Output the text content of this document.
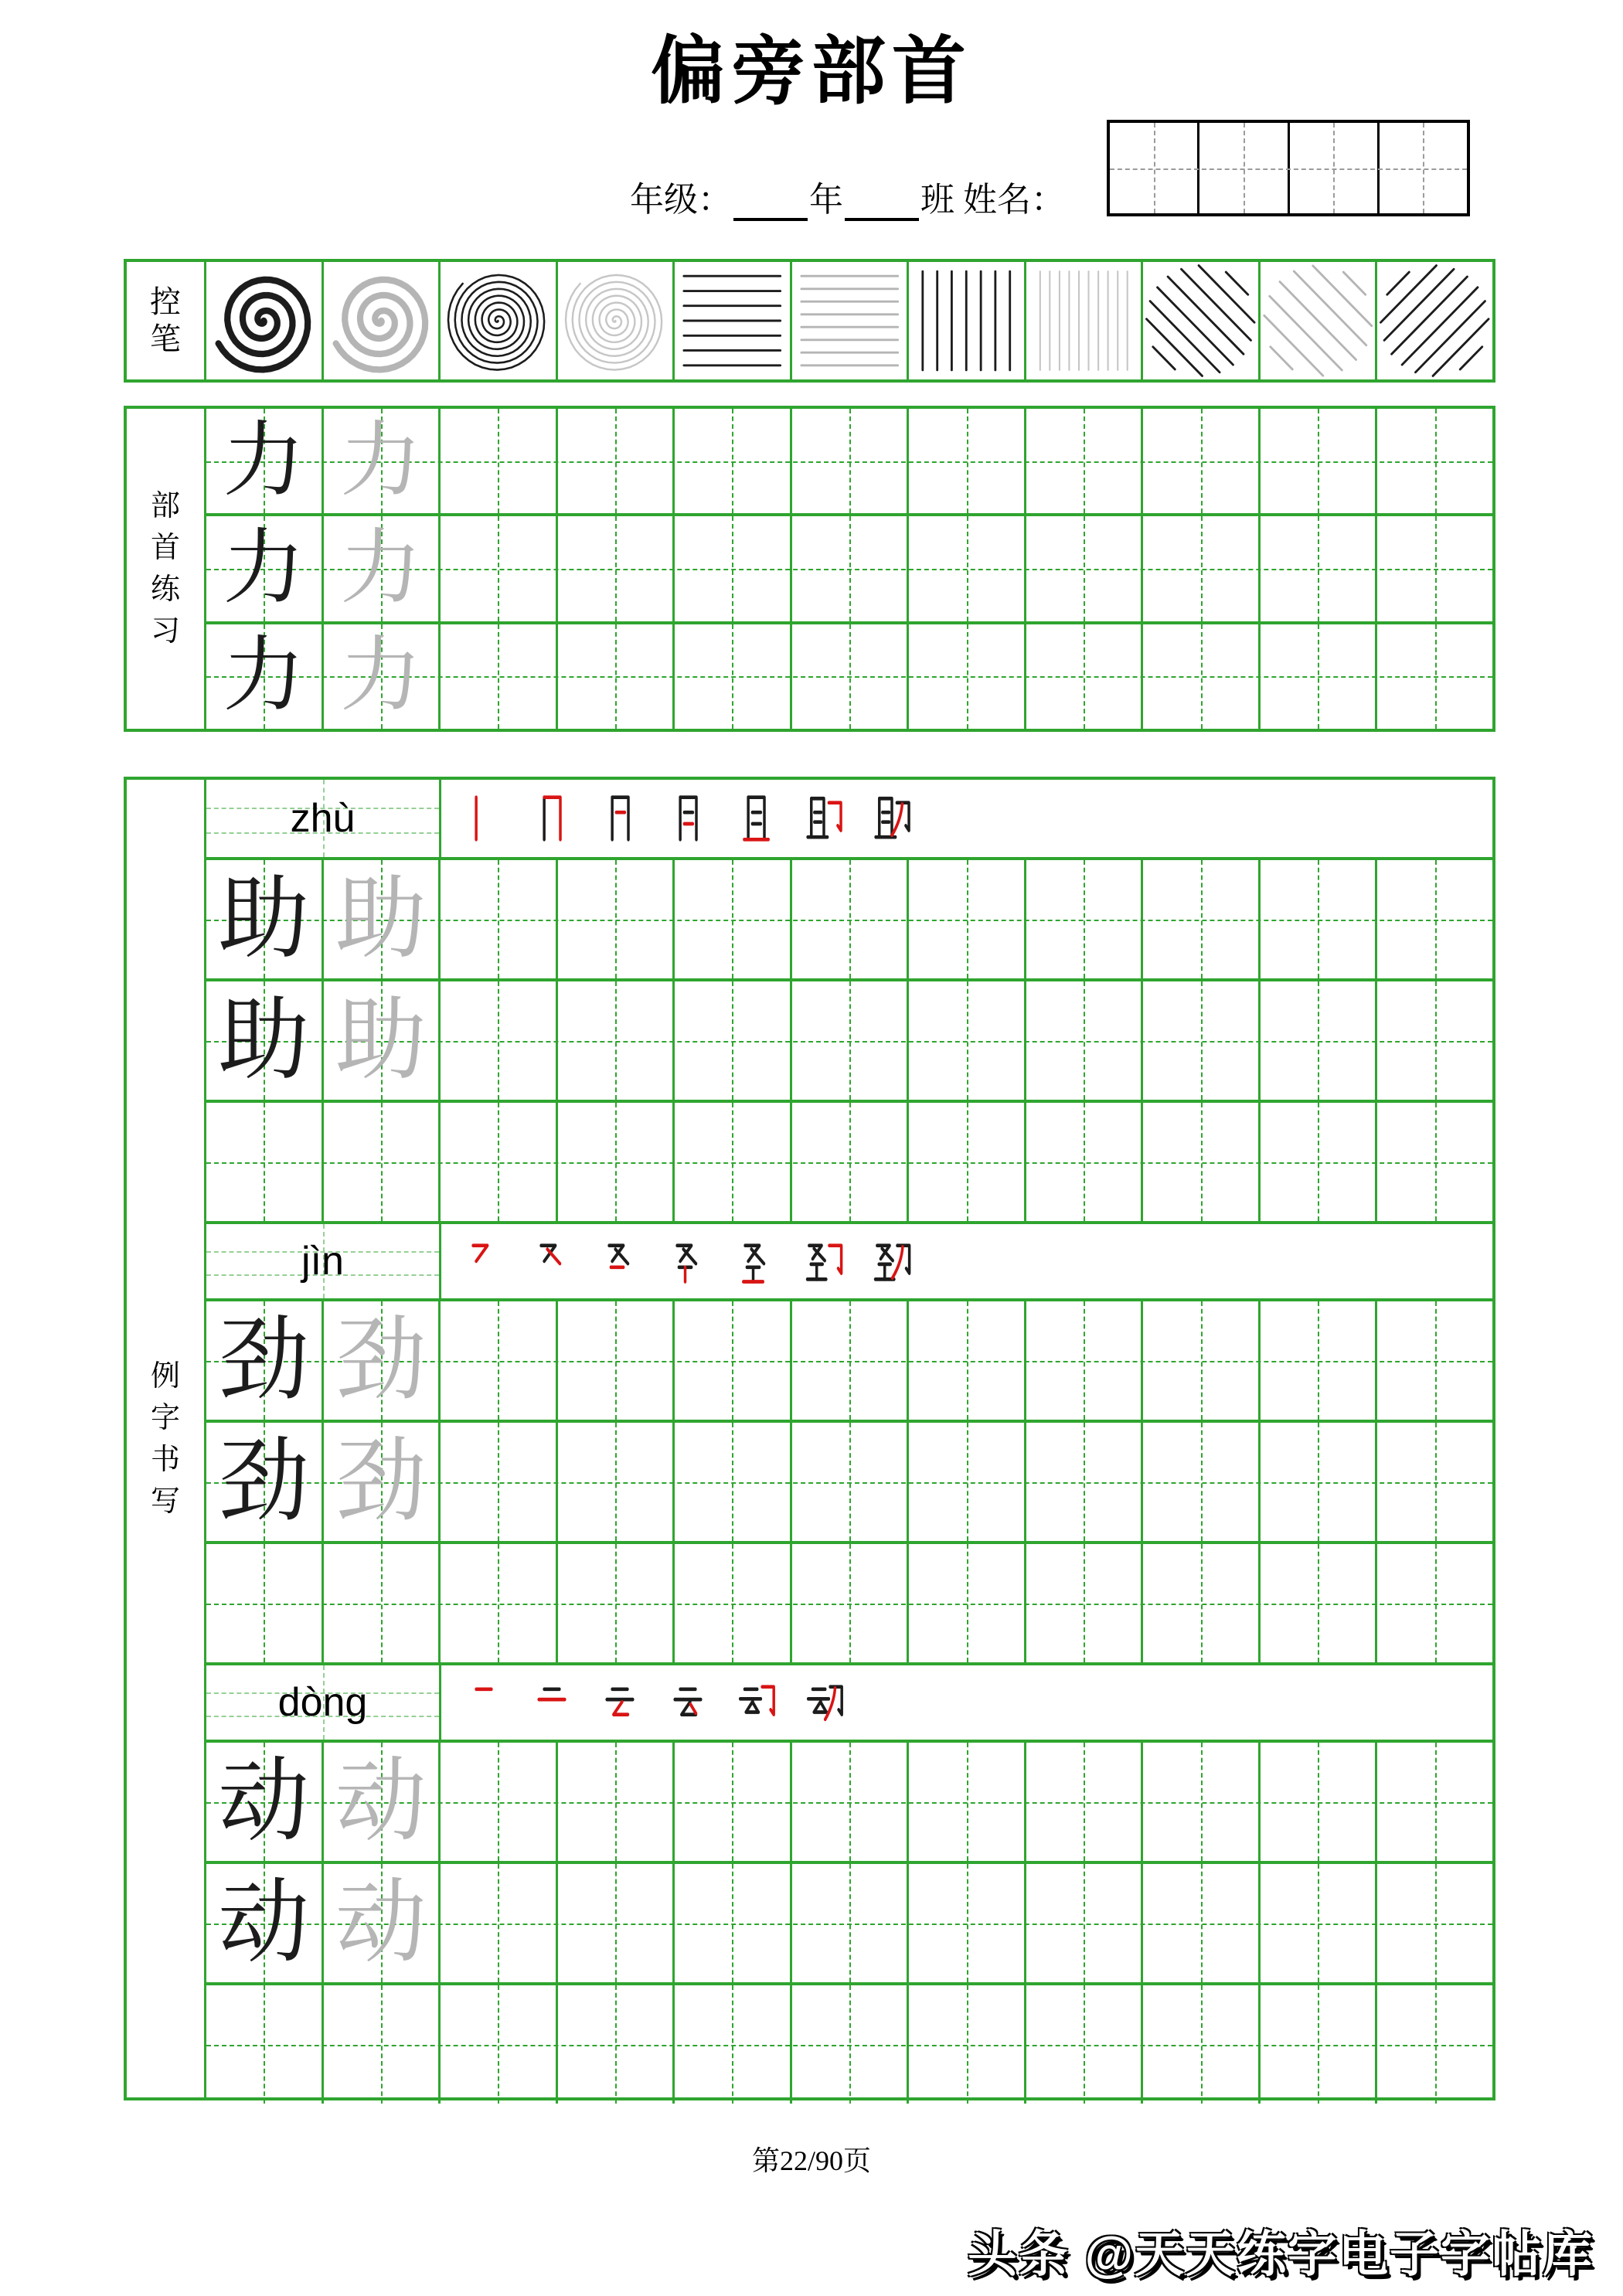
偏旁部首
年级： 年 班 姓名：
控
笔
部
首
练
习
力 力
力 力
力 力
例
字
书
写
zhù
助 助
助 助
jìn
劲 劲
劲 劲
dòng
动 动
动 动
第22/90页
头条 @天天练字电子字帖库
